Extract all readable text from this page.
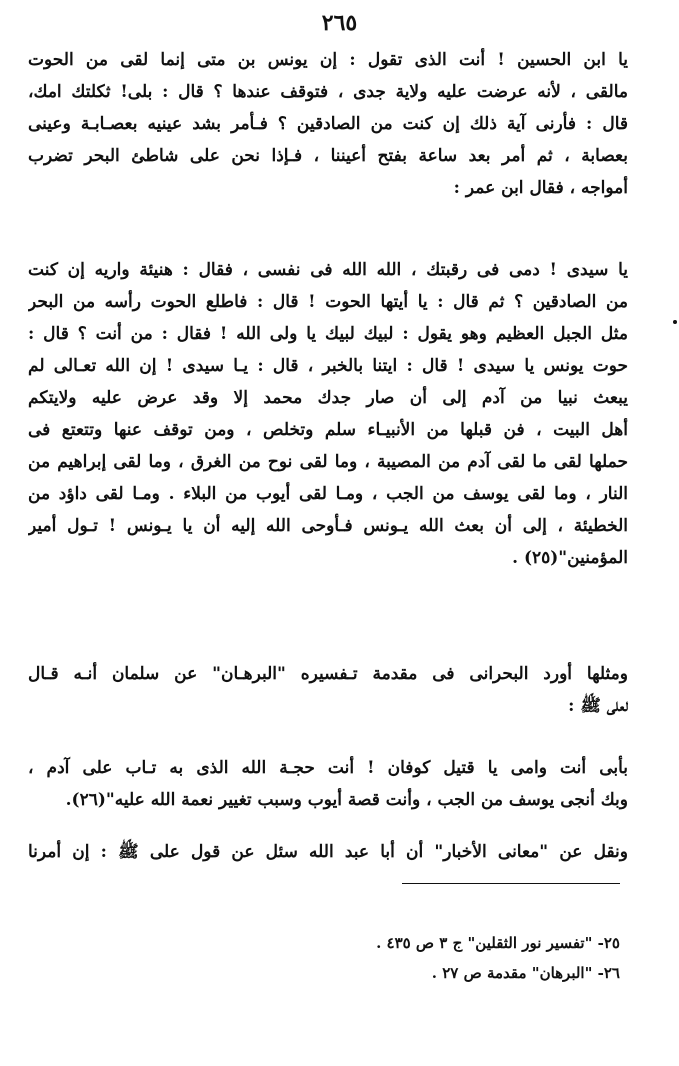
٢٦٥
يا ابن الحسين ! أنت الذى تقول : إن يونس بن متى إنما لقى من الحوت
مالقى ، لأنه عرضت عليه ولاية جدى ، فتوقف عندها ؟ قال : بلى! ثكلتك امك،
قال : فأرنى آية ذلك إن كنت من الصادقين ؟ فـأمر بشد عينيه بعصـابـة وعينى
بعصابة ، ثم أمر بعد ساعة بفتح أعيننا ، فـإذا نحن على شاطئ البحر تضرب
أمواجه ، فقال ابن عمر :
يا سيدى ! دمى فى رقبتك ، الله الله فى نفسى ، فقال : هنيئة واريه إن كنت
من الصادقين ؟ ثم قال : يا أيتها الحوت ! قال : فاطلع الحوت رأسه من البحر
مثل الجبل العظيم وهو يقول : لبيك لبيك يا ولى الله ! فقال : من أنت ؟ قال :
حوت يونس يا سيدى ! قال : ايتنا بالخبر ، قال : يـا سيدى ! إن الله تعـالى لم
يبعث نبيا من آدم إلى أن صار جدك محمد إلا وقد عرض عليه ولايتكم
أهل البيت ، فن قبلها من الأنبيـاء سلم وتخلص ، ومن توقف عنها وتتعتع فى
حملها لقى ما لقى آدم من المصيبة ، وما لقى نوح من الغرق ، وما لقى إبراهيم من
النار ، وما لقى يوسف من الجب ، ومـا لقى أيوب من البلاء . ومـا لقى داؤد من
الخطيئة ، إلى أن بعث الله يـونس فـأوحى الله إليه أن يا يـونس ! تـول أمير
المؤمنين"(٢٥) .
ومثلها أورد البحرانى فى مقدمة تـفسيره "البرهـان" عن سلمان أنـه قـال
لعلى ﷺ :
بأبى أنت وامى يا قتيل كوفان ! أنت حجـة الله الذى به تـاب على آدم ،
وبك أنجى يوسف من الجب ، وأنت قصة أيوب وسبب تغيير نعمة الله عليه"(٢٦).
ونقل عن "معانى الأخبار" أن أبا عبد الله سئل عن قول على ﷺ : إن أمرنا
٢٥- "تفسير نور الثقلين" ج ٣ ص ٤٣٥ .
٢٦- "البرهان" مقدمة ص ٢٧ .
